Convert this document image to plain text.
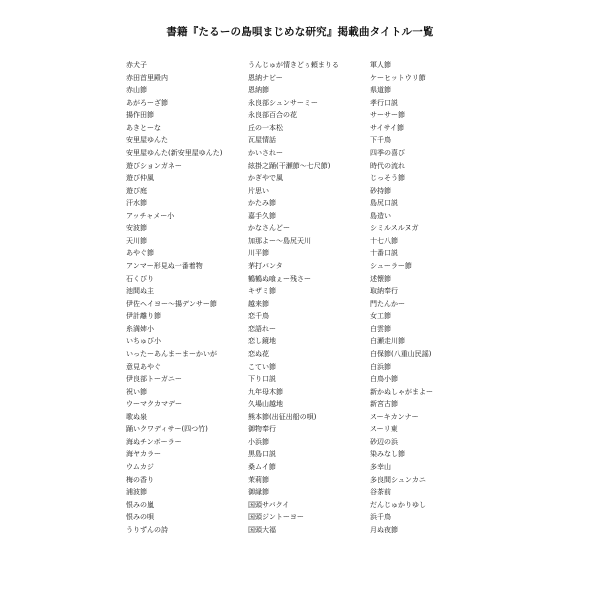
書籍『たるーの島唄まじめな研究』掲載曲タイトル一覧
赤犬子
赤田首里殿内
赤山節
あがろーざ節
揚作田節
あきとーな
安里屋ゆんた
安里屋ゆんた(新安里屋ゆんた)
遊びションガネー
遊び仲風
遊び庭
汗水節
アッチャメー小
安波節
天川節
あやぐ節
アンマー形見ぬ一番着物
石くびり
池間ぬ主
伊佐ヘイヨー～揚デンサー節
伊計離り節
糸満姉小
いちゅび小
いったーあんまーまーかいが
意見あやぐ
伊良部トーガニー
祝い節
ウーマクカマデー
歌ぬ泉
踊いクワディサー(四つ竹)
海ぬチンボーラー
海ヤカラー
ウムカジ
梅の香り
浦波節
恨みの嵐
恨みの唄
うりずんの詩
うんじゅが情きどぅ頼まりる
恩納ナビー
恩納節
永良部シュンサーミー
永良部百合の花
丘の一本松
瓦屋情話
かいされー
絃掛之踊(干瀬節～七尺節)
かぎやで風
片思い
かたみ節
嘉手久節
かなさんどー
加那よー～島尻天川
川平節
茅打バンタ
鶴鶴ぬ喰ぇー残さー
キザミ節
越来節
恋千鳥
恋語れー
恋し鏡地
恋ぬ花
こてい節
下り口説
九年母木節
久場山越地
熊本節(出征出船の唄)
御物奉行
小浜節
黒島口説
桑ムイ節
茉莉節
御縁節
国頭サバクイ
国頭ジントーヨー
国頭大福
軍人節
ケーヒットウリ節
県道節
孝行口説
サーサー節
サイサイ節
下千鳥
四季の喜び
時代の流れ
じっそう節
砂持節
島尻口説
島造い
シミルスルヌガ
十七八節
十番口説
シューラー節
述懐節
取納奉行
門たんかー
女工節
白雲節
白瀬走川節
白保節(八重山民謡)
白浜節
白鳥小節
新かぬしゃがまよー
新宮古節
スーキカンナー
スーリ東
砂辺の浜
染みなし節
多幸山
多良間シュンカニ
谷茶前
だんじゅかりゆし
浜千鳥
月ぬ夜節
